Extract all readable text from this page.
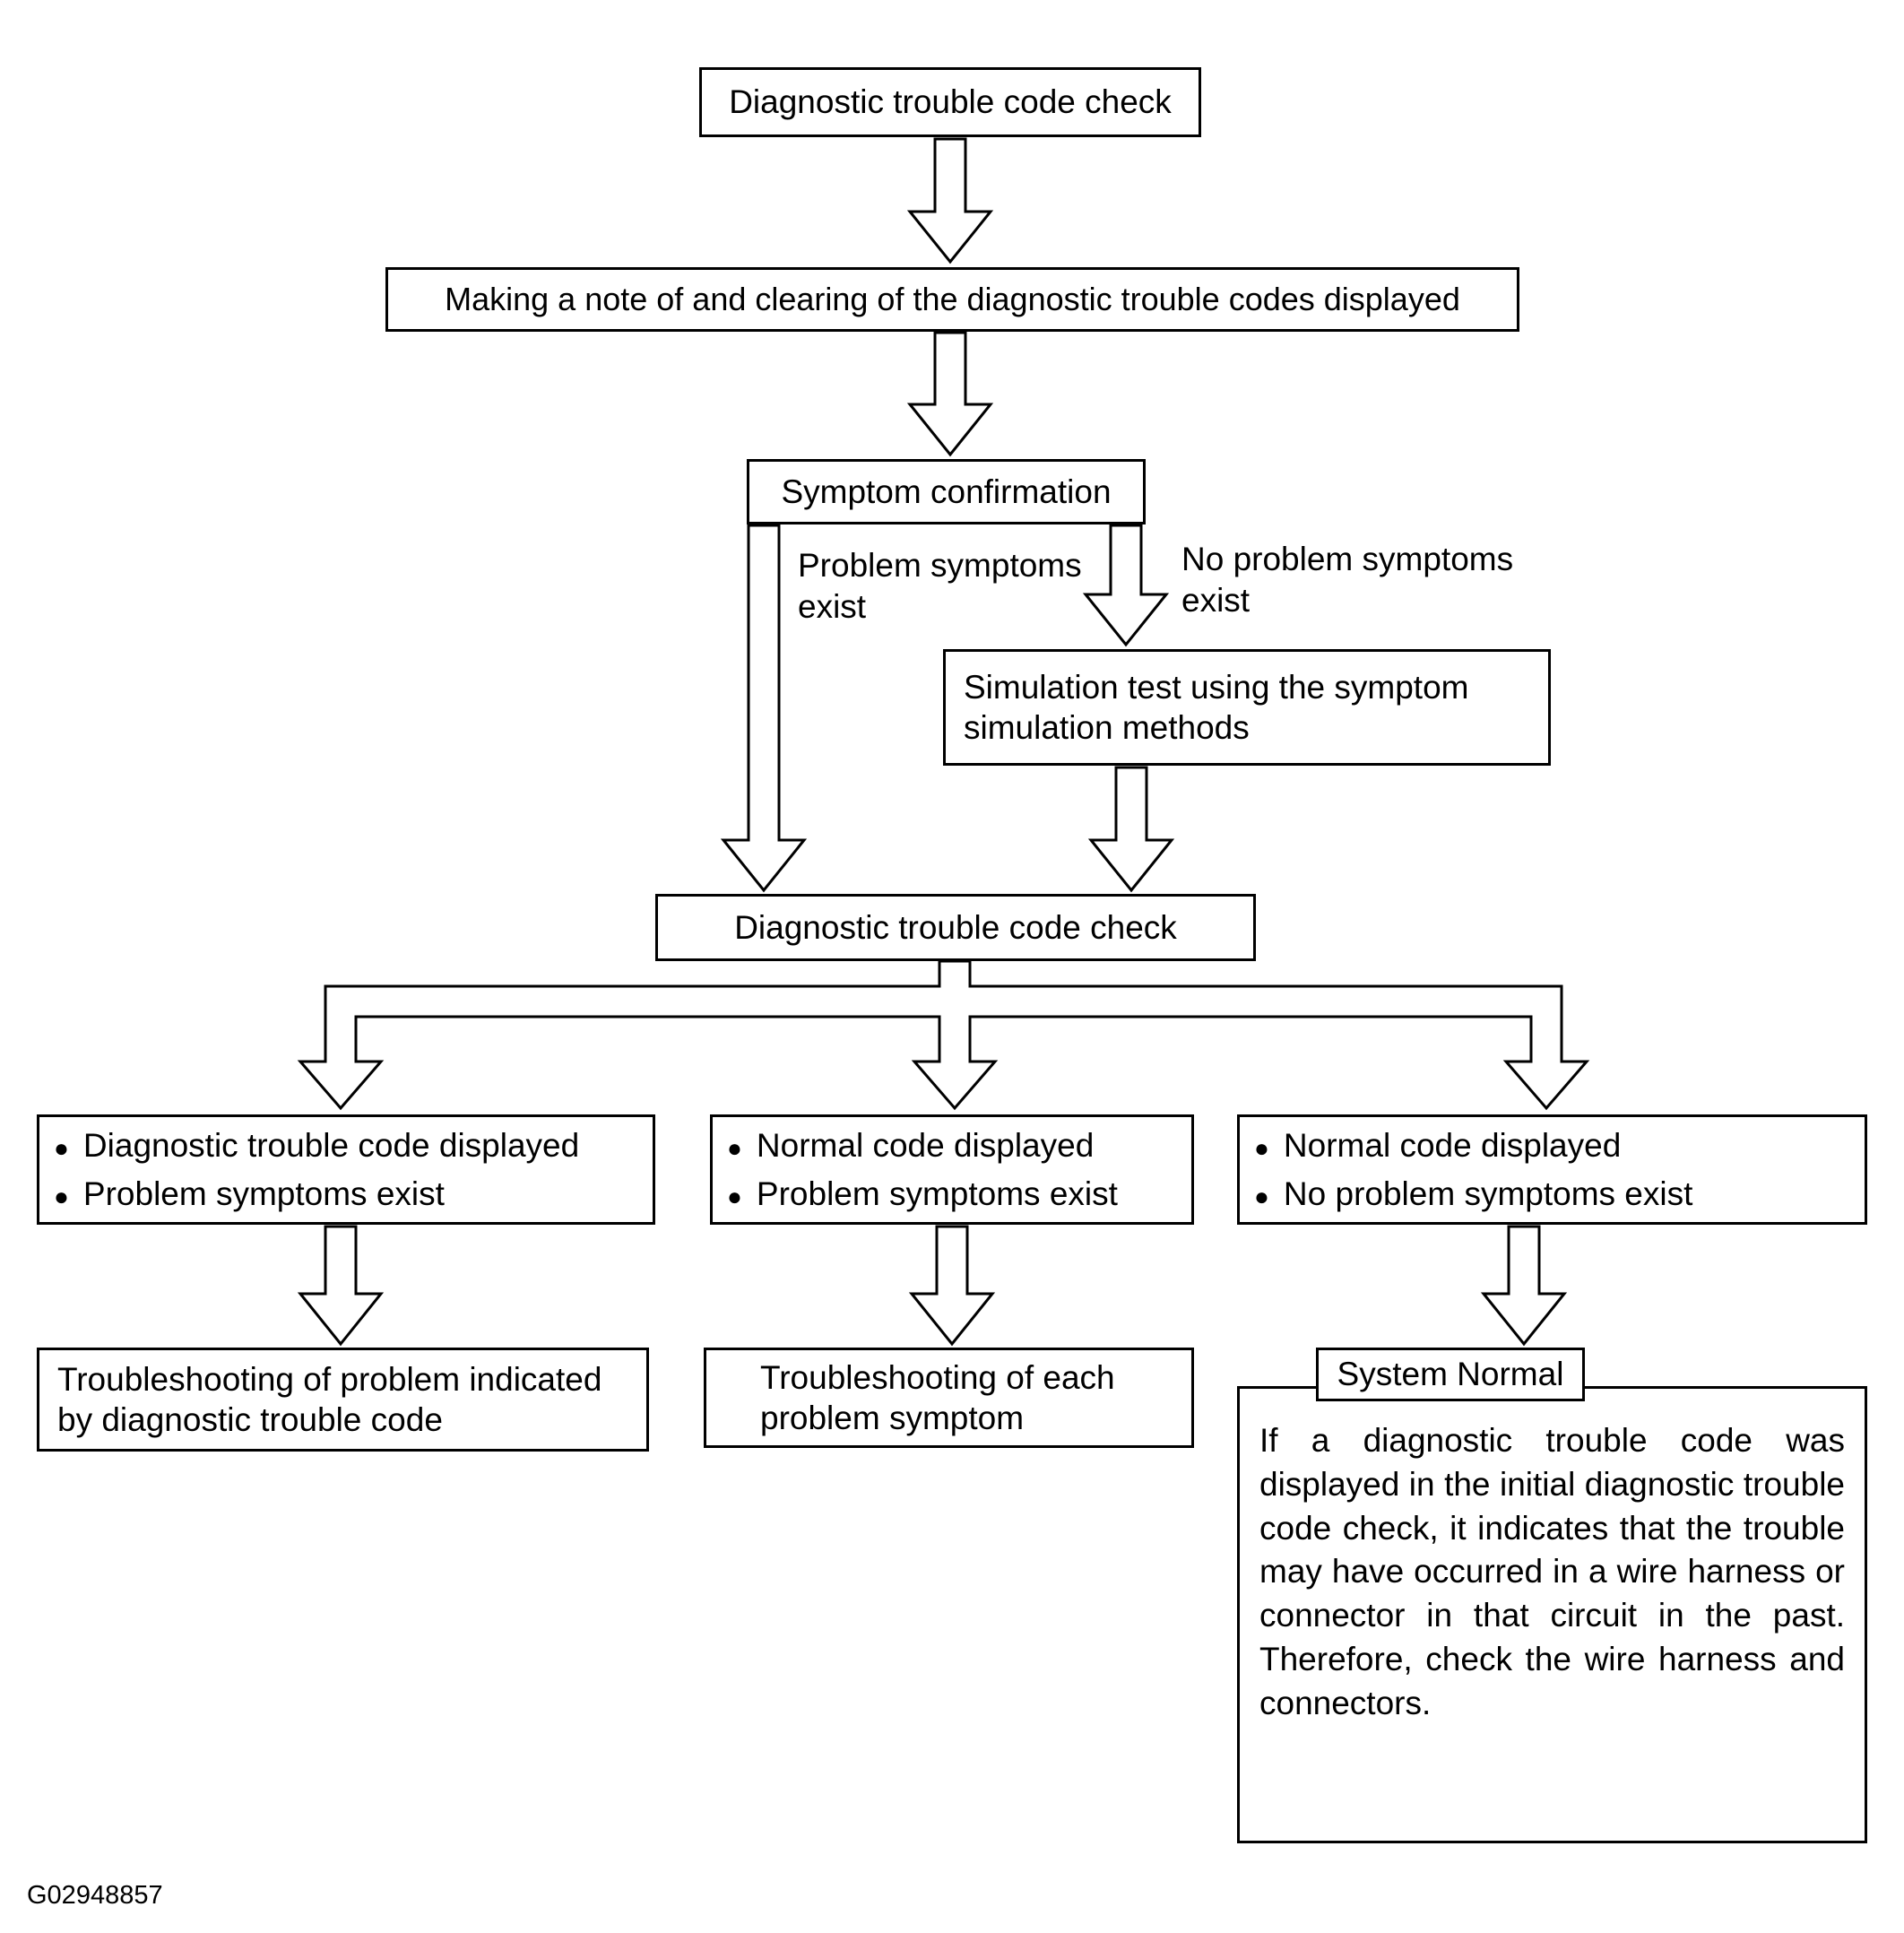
Diagnostic trouble code check
Making a note of and clearing of the diagnostic trouble codes displayed
Symptom confirmation
Problem symptoms exist
No problem symptoms exist
Simulation test using the symptom simulation methods
Diagnostic trouble code check
● Diagnostic trouble code displayed
● Problem symptoms exist
● Normal code displayed
● Problem symptoms exist
● Normal code displayed
● No problem symptoms exist
Troubleshooting of problem indicated by diagnostic trouble code
Troubleshooting of each problem symptom
System Normal
If a diagnostic trouble code was displayed in the initial diagnostic trouble code check, it indicates that the trouble may have occurred in a wire harness or connector in that circuit in the past. Therefore, check the wire harness and connectors.
G02948857
